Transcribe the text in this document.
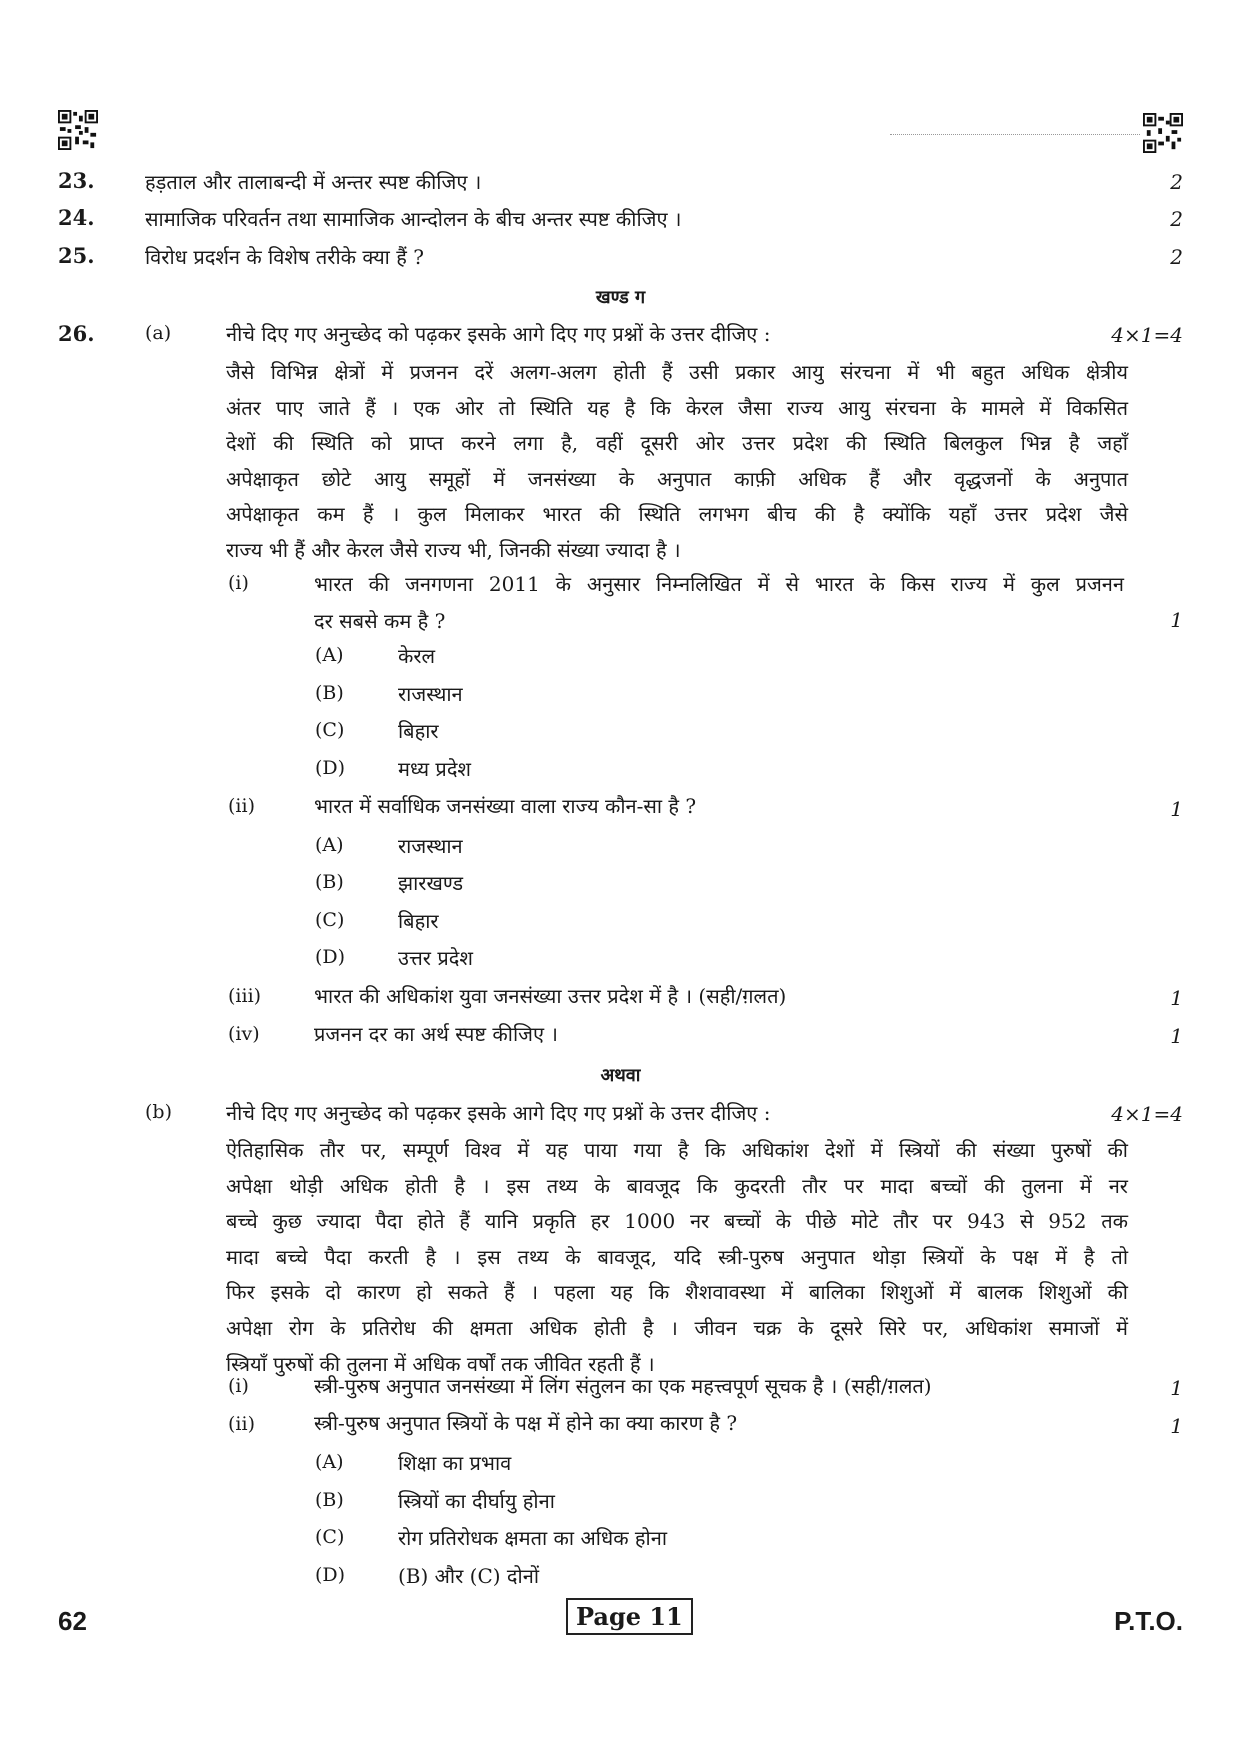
23.	हड़ताल और तालाबन्दी में अन्तर स्पष्ट कीजिए ।	2
24.	सामाजिक परिवर्तन तथा सामाजिक आन्दोलन के बीच अन्तर स्पष्ट कीजिए ।	2
25.	विरोध प्रदर्शन के विशेष तरीके क्या हैं ?	2
खण्ड ग
26.	(a)	नीचे दिए गए अनुच्छेद को पढ़कर इसके आगे दिए गए प्रश्नों के उत्तर दीजिए :	4×1=4
जैसे विभिन्न क्षेत्रों में प्रजनन दरें अलग-अलग होती हैं उसी प्रकार आयु संरचना में भी बहुत अधिक क्षेत्रीय
अंतर पाए जाते हैं । एक ओर तो स्थिति यह है कि केरल जैसा राज्य आयु संरचना के मामले में विकसित
देशों की स्थिति को प्राप्त करने लगा है, वहीं दूसरी ओर उत्तर प्रदेश की स्थिति बिलकुल भिन्न है जहाँ
अपेक्षाकृत छोटे आयु समूहों में जनसंख्या के अनुपात काफ़ी अधिक हैं और वृद्धजनों के अनुपात
अपेक्षाकृत कम हैं । कुल मिलाकर भारत की स्थिति लगभग बीच की है क्योंकि यहाँ उत्तर प्रदेश जैसे
राज्य भी हैं और केरल जैसे राज्य भी, जिनकी संख्या ज्यादा है ।
(i)	भारत की जनगणना 2011 के अनुसार निम्नलिखित में से भारत के किस राज्य में कुल प्रजनन
दर सबसे कम है ?	1
(A)	केरल
(B)	राजस्थान
(C)	बिहार
(D)	मध्य प्रदेश
(ii)	भारत में सर्वाधिक जनसंख्या वाला राज्य कौन-सा है ?	1
(A)	राजस्थान
(B)	झारखण्ड
(C)	बिहार
(D)	उत्तर प्रदेश
(iii)	भारत की अधिकांश युवा जनसंख्या उत्तर प्रदेश में है । (सही/ग़लत)	1
(iv)	प्रजनन दर का अर्थ स्पष्ट कीजिए ।	1
अथवा
(b)	नीचे दिए गए अनुच्छेद को पढ़कर इसके आगे दिए गए प्रश्नों के उत्तर दीजिए :	4×1=4
ऐतिहासिक तौर पर, सम्पूर्ण विश्व में यह पाया गया है कि अधिकांश देशों में स्त्रियों की संख्या पुरुषों की
अपेक्षा थोड़ी अधिक होती है । इस तथ्य के बावजूद कि कुदरती तौर पर मादा बच्चों की तुलना में नर
बच्चे कुछ ज्यादा पैदा होते हैं यानि प्रकृति हर 1000 नर बच्चों के पीछे मोटे तौर पर 943 से 952 तक
मादा बच्चे पैदा करती है । इस तथ्य के बावजूद, यदि स्त्री-पुरुष अनुपात थोड़ा स्त्रियों के पक्ष में है तो
फिर इसके दो कारण हो सकते हैं । पहला यह कि शैशवावस्था में बालिका शिशुओं में बालक शिशुओं की
अपेक्षा रोग के प्रतिरोध की क्षमता अधिक होती है । जीवन चक्र के दूसरे सिरे पर, अधिकांश समाजों में
स्त्रियाँ पुरुषों की तुलना में अधिक वर्षों तक जीवित रहती हैं ।
(i)	स्त्री-पुरुष अनुपात जनसंख्या में लिंग संतुलन का एक महत्त्वपूर्ण सूचक है । (सही/ग़लत)	1
(ii)	स्त्री-पुरुष अनुपात स्त्रियों के पक्ष में होने का क्या कारण है ?	1
(A)	शिक्षा का प्रभाव
(B)	स्त्रियों का दीर्घायु होना
(C)	रोग प्रतिरोधक क्षमता का अधिक होना
(D)	(B) और (C) दोनों
62	Page 11	P.T.O.
